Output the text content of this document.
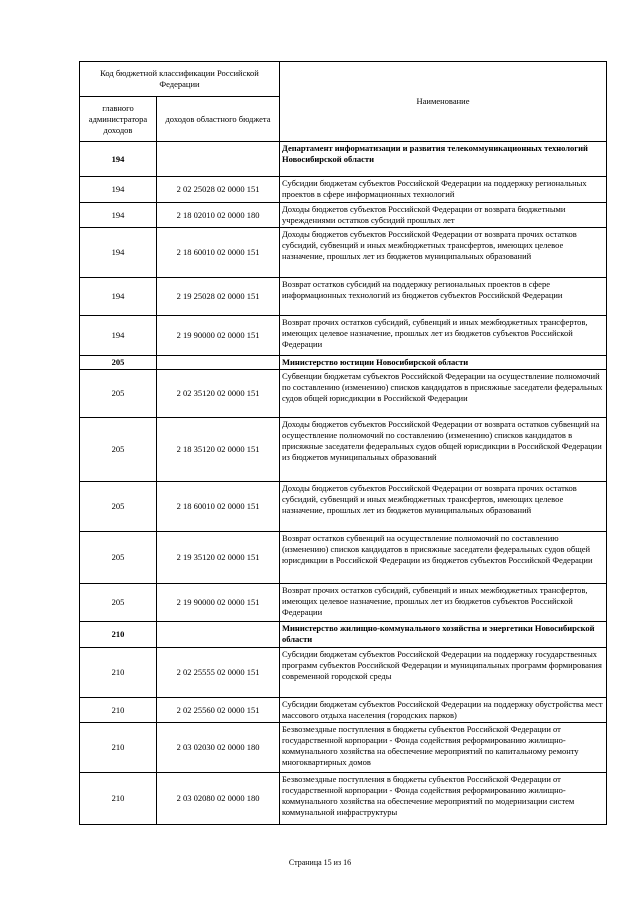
Код бюджетной классификации Российской Федерации		Наименование
главного администратора доходов	доходов областного бюджета	
194		Департамент информатизации и развития телекоммуникационных технологий Новосибирской области
194	2 02 25028 02 0000 151	Субсидии бюджетам субъектов Российской Федерации на поддержку региональных проектов в сфере информационных технологий
194	2 18 02010 02 0000 180	Доходы бюджетов субъектов Российской Федерации от возврата бюджетными учреждениями остатков субсидий прошлых лет
194	2 18 60010 02 0000 151	Доходы бюджетов субъектов Российской Федерации от возврата прочих остатков субсидий, субвенций и иных межбюджетных трансфертов, имеющих целевое назначение, прошлых лет из бюджетов муниципальных образований
194	2 19 25028 02 0000 151	Возврат остатков субсидий на поддержку региональных проектов в сфере информационных технологий из бюджетов субъектов Российской Федерации
194	2 19 90000 02 0000 151	Возврат прочих остатков субсидий, субвенций и иных межбюджетных трансфертов, имеющих целевое назначение, прошлых лет из бюджетов субъектов Российской Федерации
205		Министерство юстиции Новосибирской области
205	2 02 35120 02 0000 151	Субвенции бюджетам субъектов Российской Федерации на осуществление полномочий по составлению (изменению) списков кандидатов в присяжные заседатели федеральных судов общей юрисдикции в Российской Федерации
205	2 18 35120 02 0000 151	Доходы бюджетов субъектов Российской Федерации от возврата остатков субвенций на осуществление полномочий по составлению (изменению) списков кандидатов в присяжные заседатели федеральных судов общей юрисдикции в Российской Федерации из бюджетов муниципальных образований
205	2 18 60010 02 0000 151	Доходы бюджетов субъектов Российской Федерации от возврата прочих остатков субсидий, субвенций и иных межбюджетных трансфертов, имеющих целевое назначение, прошлых лет из бюджетов муниципальных образований
205	2 19 35120 02 0000 151	Возврат остатков субвенций на осуществление полномочий по составлению (изменению) списков кандидатов в присяжные заседатели федеральных судов общей юрисдикции в Российской Федерации из бюджетов субъектов Российской Федерации
205	2 19 90000 02 0000 151	Возврат прочих остатков субсидий, субвенций и иных межбюджетных трансфертов, имеющих целевое назначение, прошлых лет из бюджетов субъектов Российской Федерации
210		Министерство жилищно-коммунального хозяйства и энергетики Новосибирской области
210	2 02 25555 02 0000 151	Субсидии бюджетам субъектов Российской Федерации на поддержку государственных программ субъектов Российской Федерации и муниципальных программ формирования современной городской среды
210	2 02 25560 02 0000 151	Субсидии бюджетам субъектов Российской Федерации на поддержку обустройства мест массового отдыха населения (городских парков)
210	2 03 02030 02 0000 180	Безвозмездные поступления в бюджеты субъектов Российской Федерации от государственной корпорации - Фонда содействия реформированию жилищно-коммунального хозяйства на обеспечение мероприятий по капитальному ремонту многоквартирных домов
210	2 03 02080 02 0000 180	Безвозмездные поступления в бюджеты субъектов Российской Федерации от государственной корпорации - Фонда содействия реформированию жилищно-коммунального хозяйства на обеспечение мероприятий по модернизации систем коммунальной инфраструктуры
Страница 15 из 16
